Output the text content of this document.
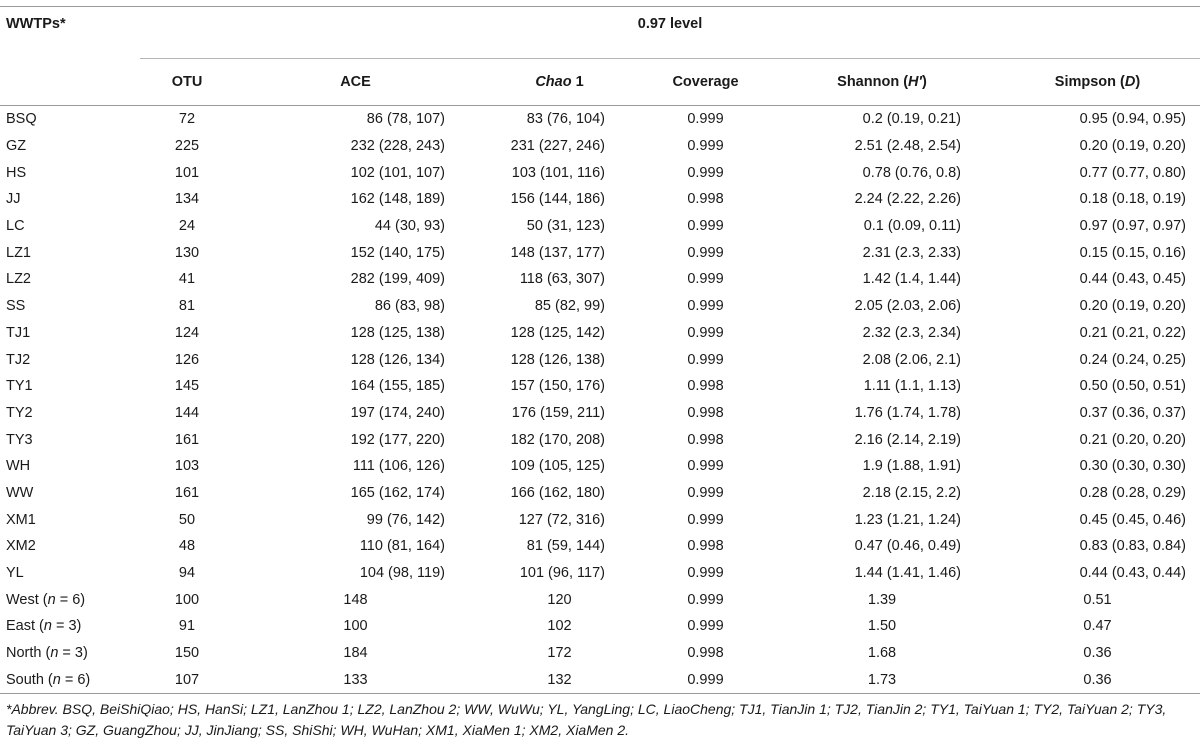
WWTPs*	0.97 level					
	OTU	ACE	Chao 1	Coverage	Shannon (H′)	Simpson (D)
BSQ	72	86 (78, 107)	83 (76, 104)	0.999	0.2 (0.19, 0.21)	0.95 (0.94, 0.95)
GZ	225	232 (228, 243)	231 (227, 246)	0.999	2.51 (2.48, 2.54)	0.20 (0.19, 0.20)
HS	101	102 (101, 107)	103 (101, 116)	0.999	0.78 (0.76, 0.8)	0.77 (0.77, 0.80)
JJ	134	162 (148, 189)	156 (144, 186)	0.998	2.24 (2.22, 2.26)	0.18 (0.18, 0.19)
LC	24	44 (30, 93)	50 (31, 123)	0.999	0.1 (0.09, 0.11)	0.97 (0.97, 0.97)
LZ1	130	152 (140, 175)	148 (137, 177)	0.999	2.31 (2.3, 2.33)	0.15 (0.15, 0.16)
LZ2	41	282 (199, 409)	118 (63, 307)	0.999	1.42 (1.4, 1.44)	0.44 (0.43, 0.45)
SS	81	86 (83, 98)	85 (82, 99)	0.999	2.05 (2.03, 2.06)	0.20 (0.19, 0.20)
TJ1	124	128 (125, 138)	128 (125, 142)	0.999	2.32 (2.3, 2.34)	0.21 (0.21, 0.22)
TJ2	126	128 (126, 134)	128 (126, 138)	0.999	2.08 (2.06, 2.1)	0.24 (0.24, 0.25)
TY1	145	164 (155, 185)	157 (150, 176)	0.998	1.11 (1.1, 1.13)	0.50 (0.50, 0.51)
TY2	144	197 (174, 240)	176 (159, 211)	0.998	1.76 (1.74, 1.78)	0.37 (0.36, 0.37)
TY3	161	192 (177, 220)	182 (170, 208)	0.998	2.16 (2.14, 2.19)	0.21 (0.20, 0.20)
WH	103	111 (106, 126)	109 (105, 125)	0.999	1.9 (1.88, 1.91)	0.30 (0.30, 0.30)
WW	161	165 (162, 174)	166 (162, 180)	0.999	2.18 (2.15, 2.2)	0.28 (0.28, 0.29)
XM1	50	99 (76, 142)	127 (72, 316)	0.999	1.23 (1.21, 1.24)	0.45 (0.45, 0.46)
XM2	48	110 (81, 164)	81 (59, 144)	0.998	0.47 (0.46, 0.49)	0.83 (0.83, 0.84)
YL	94	104 (98, 119)	101 (96, 117)	0.999	1.44 (1.41, 1.46)	0.44 (0.43, 0.44)
West (n = 6)	100	148	120	0.999	1.39	0.51
East (n = 3)	91	100	102	0.999	1.50	0.47
North (n = 3)	150	184	172	0.998	1.68	0.36
South (n = 6)	107	133	132	0.999	1.73	0.36
*Abbrev. BSQ, BeiShiQiao; HS, HanSi; LZ1, LanZhou 1; LZ2, LanZhou 2; WW, WuWu; YL, YangLing; LC, LiaoCheng; TJ1, TianJin 1; TJ2, TianJin 2; TY1, TaiYuan 1; TY2, TaiYuan 2; TY3, TaiYuan 3; GZ, GuangZhou; JJ, JinJiang; SS, ShiShi; WH, WuHan; XM1, XiaMen 1; XM2, XiaMen 2.
